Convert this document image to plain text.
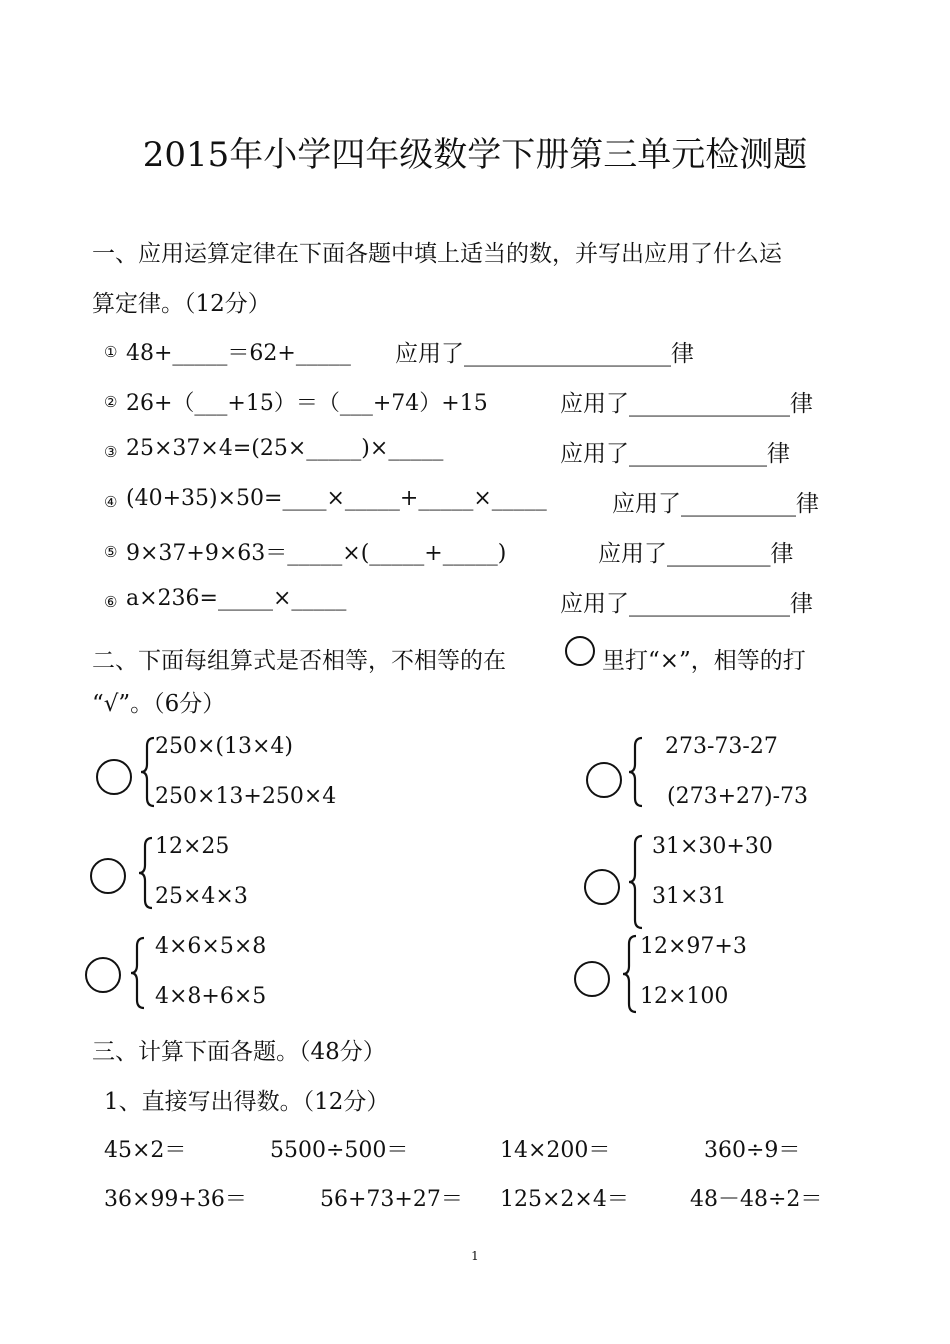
2015年小学四年级数学下册第三单元检测题
一、应用运算定律在下面各题中填上适当的数，并写出应用了什么运
算定律。（12分）
① 48+_____＝62+_____ 应用了__________________律
② 26+（___+15）＝（___+74）+15	应用了______________律
③ 25×37×4=(25×_____)×_____	应用了____________律
④ (40+35)×50=____×_____+_____×_____	应用了__________律
⑤ 9×37+9×63＝_____×(_____+_____)	应用了_________律
⑥ a×236=_____×_____	应用了______________律
二、下面每组算式是否相等，不相等的在	里打“×”，相等的打
“√”。（6分）
250×(13×4)
250×13+250×4
273-73-27
(273+27)-73
12×25
25×4×3
31×30+30
31×31
4×6×5×8
4×8+6×5
12×97+3
12×100
三、计算下面各题。（48分）
1、直接写出得数。（12分）
45×2＝	5500÷500＝	14×200＝	360÷9＝
36×99+36＝	56+73+27＝ 125×2×4＝	48－48÷2＝
1
